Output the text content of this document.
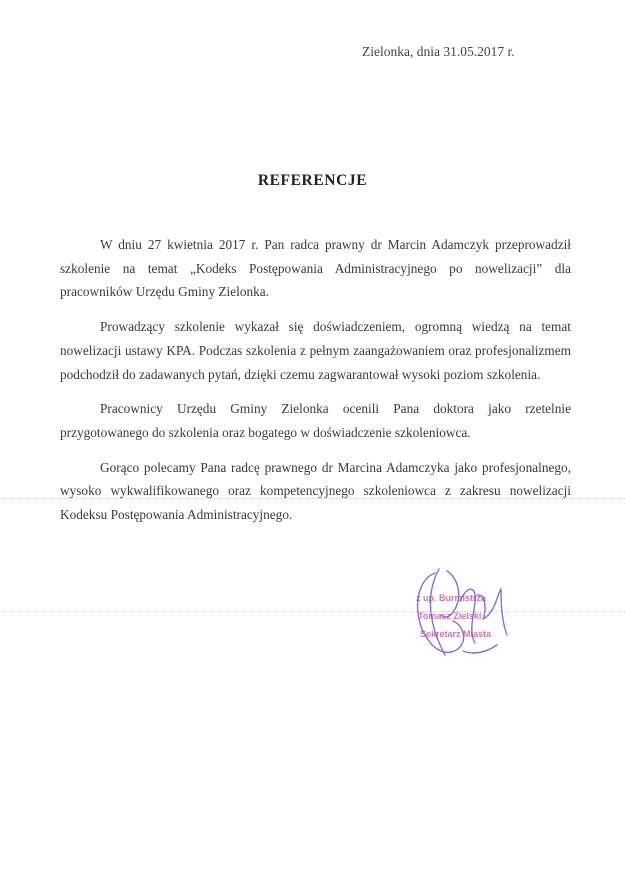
Zielonka, dnia 31.05.2017 r.
REFERENCJE

W dniu 27 kwietnia 2017 r. Pan radca prawny dr Marcin Adamczyk przeprowadził szkolenie na temat „Kodeks Postępowania Administracyjnego po nowelizacji” dla pracowników Urzędu Gminy Zielonka.

Prowadzący szkolenie wykazał się doświadczeniem, ogromną wiedzą na temat nowelizacji ustawy KPA. Podczas szkolenia z pełnym zaangażowaniem oraz profesjonalizmem podchodził do zadawanych pytań, dzięki czemu zagwarantował wysoki poziom szkolenia.

Pracownicy Urzędu Gminy Zielonka ocenili Pana doktora jako rzetelnie przygotowanego do szkolenia oraz bogatego w doświadczenie szkoleniowca.

Gorąco polecamy Pana radcę prawnego dr Marcina Adamczyka jako profesjonalnego, wysoko wykwalifikowanego oraz kompetencyjnego szkoleniowca z zakresu nowelizacji Kodeksu Postępowania Administracyjnego.

z up. Burmistrza
Tomasz Zielski
Sekretarz Miasta
